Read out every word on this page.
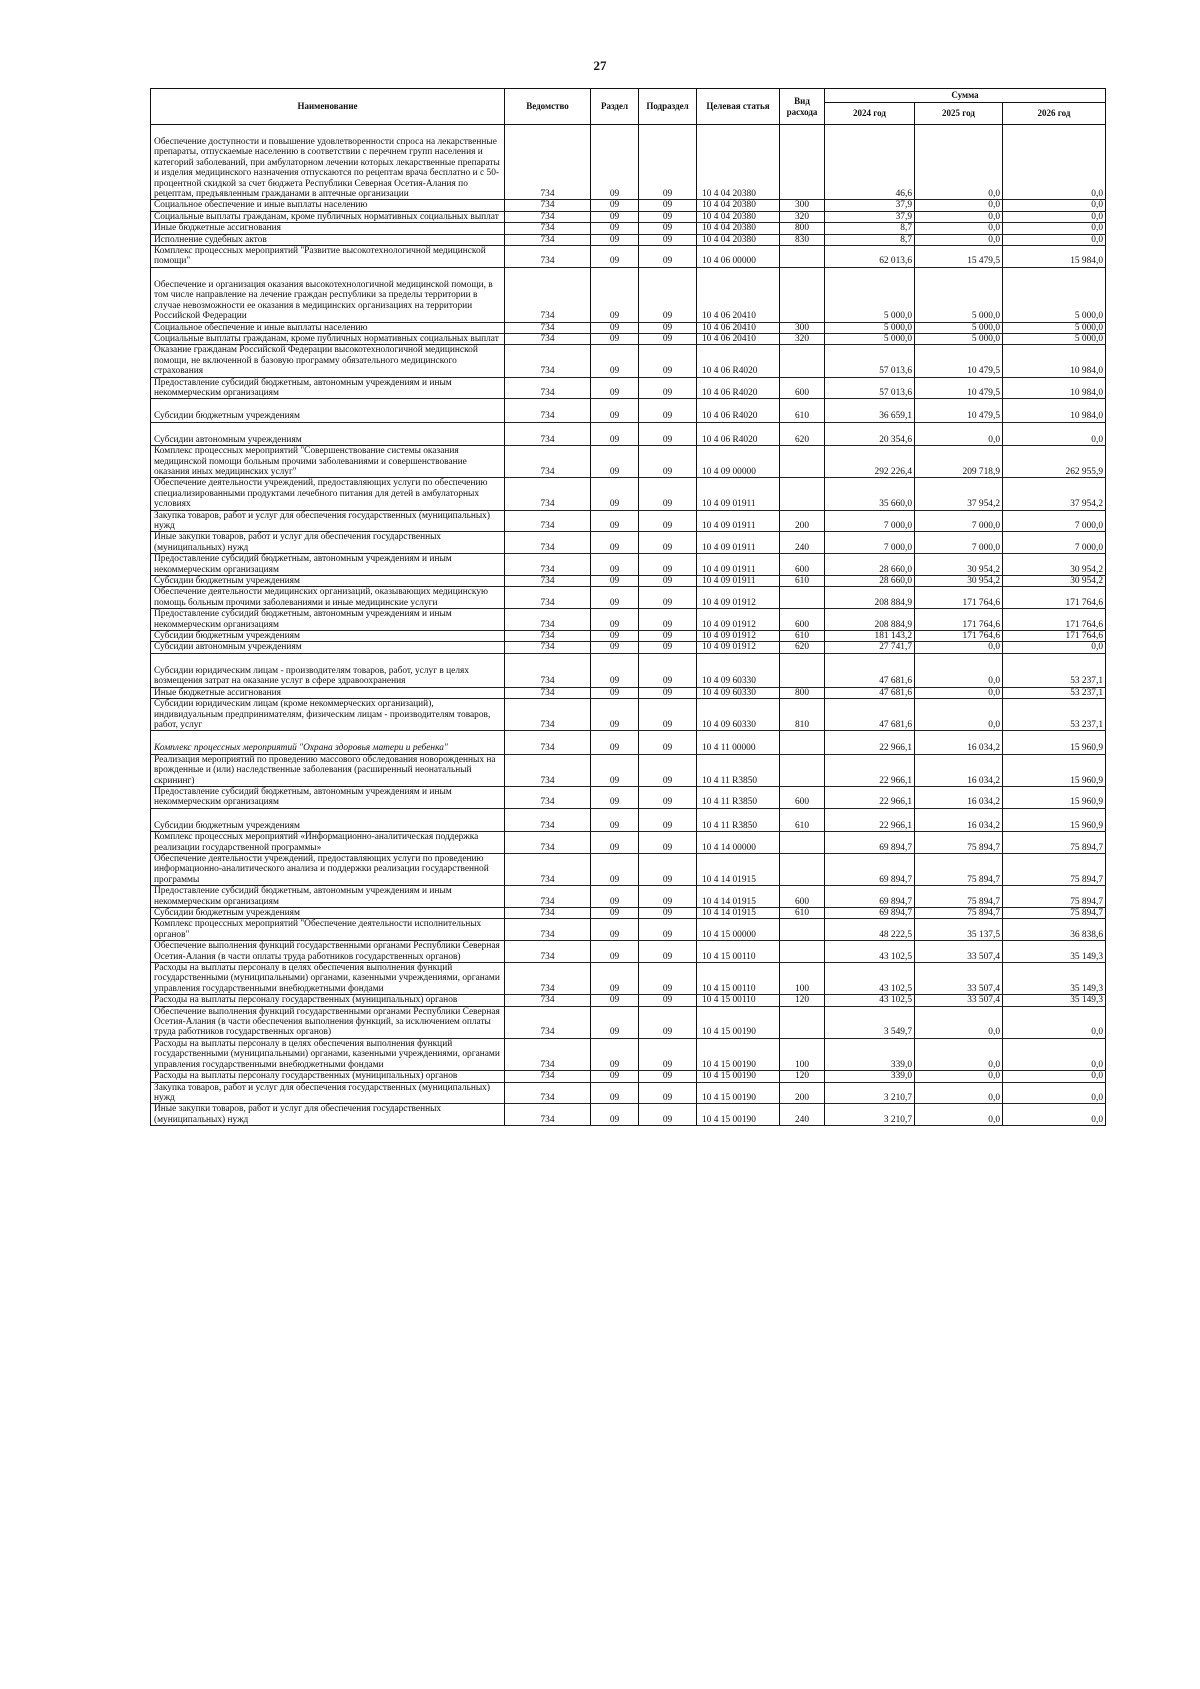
27
Наименование	Ведомство	Раздел	Подраздел	Целевая статья	Вид расхода	Сумма		
						2024 год	2025 год	2026 год

Обеспечение доступности и повышение удовлетворенности спроса на лекарственные препараты, отпускаемые населению в соответствии с перечнем групп населения и категорий заболеваний, при амбулаторном лечении которых лекарственные препараты и изделия медицинского назначения отпускаются по рецептам врача бесплатно и с 50-процентной скидкой за счет бюджета Республики Северная Осетия-Алания по рецептам, предъявленным гражданами в аптечные организации	734	09	09	10 4 04 20380		46,6	0,0	0,0
Социальное обеспечение и иные выплаты населению	734	09	09	10 4 04 20380	300	37,9	0,0	0,0
Социальные выплаты гражданам, кроме публичных нормативных социальных выплат	734	09	09	10 4 04 20380	320	37,9	0,0	0,0
Иные бюджетные ассигнования	734	09	09	10 4 04 20380	800	8,7	0,0	0,0
Исполнение судебных актов	734	09	09	10 4 04 20380	830	8,7	0,0	0,0
Комплекс процессных мероприятий "Развитие высокотехнологичной медицинской помощи"	734	09	09	10 4 06 00000		62 013,6	15 479,5	15 984,0
Обеспечение и организация оказания высокотехнологичной медицинской помощи, в том числе направление на лечение граждан республики за пределы территории в случае невозможности ее оказания в медицинских организациях на территории Российской Федерации	734	09	09	10 4 06 20410		5 000,0	5 000,0	5 000,0
Социальное обеспечение и иные выплаты населению	734	09	09	10 4 06 20410	300	5 000,0	5 000,0	5 000,0
Социальные выплаты гражданам, кроме публичных нормативных социальных выплат	734	09	09	10 4 06 20410	320	5 000,0	5 000,0	5 000,0
Оказание гражданам Российской Федерации высокотехнологичной медицинской помощи, не включенной в базовую программу обязательного медицинского страхования	734	09	09	10 4 06 R4020		57 013,6	10 479,5	10 984,0
Предоставление субсидий бюджетным, автономным учреждениям и иным некоммерческим организациям	734	09	09	10 4 06 R4020	600	57 013,6	10 479,5	10 984,0
Субсидии бюджетным учреждениям	734	09	09	10 4 06 R4020	610	36 659,1	10 479,5	10 984,0
Субсидии автономным учреждениям	734	09	09	10 4 06 R4020	620	20 354,6	0,0	0,0
Комплекс процессных мероприятий "Совершенствование системы оказания медицинской помощи больным прочими заболеваниями и совершенствование оказания иных медицинских услуг"	734	09	09	10 4 09 00000		292 226,4	209 718,9	262 955,9
Обеспечение деятельности учреждений, предоставляющих услуги по обеспечению специализированными продуктами лечебного питания для детей в амбулаторных условиях	734	09	09	10 4 09 01911		35 660,0	37 954,2	37 954,2
Закупка товаров, работ и услуг для обеспечения государственных (муниципальных) нужд	734	09	09	10 4 09 01911	200	7 000,0	7 000,0	7 000,0
Иные закупки товаров, работ и услуг для обеспечения государственных (муниципальных) нужд	734	09	09	10 4 09 01911	240	7 000,0	7 000,0	7 000,0
Предоставление субсидий бюджетным, автономным учреждениям и иным некоммерческим организациям	734	09	09	10 4 09 01911	600	28 660,0	30 954,2	30 954,2
Субсидии бюджетным учреждениям	734	09	09	10 4 09 01911	610	28 660,0	30 954,2	30 954,2
Обеспечение деятельности медицинских организаций, оказывающих медицинскую помощь больным прочими заболеваниями и иные медицинские услуги	734	09	09	10 4 09 01912		208 884,9	171 764,6	171 764,6
Предоставление субсидий бюджетным, автономным учреждениям и иным некоммерческим организациям	734	09	09	10 4 09 01912	600	208 884,9	171 764,6	171 764,6
Субсидии бюджетным учреждениям	734	09	09	10 4 09 01912	610	181 143,2	171 764,6	171 764,6
Субсидии автономным учреждениям	734	09	09	10 4 09 01912	620	27 741,7	0,0	0,0
Субсидии юридическим лицам - производителям товаров, работ, услуг в целях возмещения затрат на оказание услуг в сфере здравоохранения	734	09	09	10 4 09 60330		47 681,6	0,0	53 237,1
Иные бюджетные ассигнования	734	09	09	10 4 09 60330	800	47 681,6	0,0	53 237,1
Субсидии юридическим лицам (кроме некоммерческих организаций), индивидуальным предпринимателям, физическим лицам - производителям товаров, работ, услуг	734	09	09	10 4 09 60330	810	47 681,6	0,0	53 237,1
Комплекс процессных мероприятий "Охрана здоровья матери и ребенка"	734	09	09	10 4 11 00000		22 966,1	16 034,2	15 960,9
Реализация мероприятий по проведению массового обследования новорожденных на врожденные и (или) наследственные заболевания (расширенный неонатальный скрининг)	734	09	09	10 4 11 R3850		22 966,1	16 034,2	15 960,9
Предоставление субсидий бюджетным, автономным учреждениям и иным некоммерческим организациям	734	09	09	10 4 11 R3850	600	22 966,1	16 034,2	15 960,9
Субсидии бюджетным учреждениям	734	09	09	10 4 11 R3850	610	22 966,1	16 034,2	15 960,9
Комплекс процессных мероприятий «Информационно-аналитическая поддержка реализации государственной программы»	734	09	09	10 4 14 00000		69 894,7	75 894,7	75 894,7
Обеспечение деятельности учреждений, предоставляющих услуги по проведению информационно-аналитического анализа и поддержки реализации государственной программы	734	09	09	10 4 14 01915		69 894,7	75 894,7	75 894,7
Предоставление субсидий бюджетным, автономным учреждениям и иным некоммерческим организациям	734	09	09	10 4 14 01915	600	69 894,7	75 894,7	75 894,7
Субсидии бюджетным учреждениям	734	09	09	10 4 14 01915	610	69 894,7	75 894,7	75 894,7
Комплекс процессных мероприятий "Обеспечение деятельности исполнительных органов"	734	09	09	10 4 15 00000		48 222,5	35 137,5	36 838,6
Обеспечение выполнения функций государственными органами Республики Северная Осетия-Алания (в части оплаты труда работников государственных органов)	734	09	09	10 4 15 00110		43 102,5	33 507,4	35 149,3
Расходы на выплаты персоналу в целях обеспечения выполнения функций государственными (муниципальными) органами, казенными учреждениями, органами управления государственными внебюджетными фондами	734	09	09	10 4 15 00110	100	43 102,5	33 507,4	35 149,3
Расходы на выплаты персоналу государственных (муниципальных) органов	734	09	09	10 4 15 00110	120	43 102,5	33 507,4	35 149,3
Обеспечение выполнения функций государственными органами Республики Северная Осетия-Алания (в части обеспечения выполнения функций, за исключением оплаты труда работников государственных органов)	734	09	09	10 4 15 00190		3 549,7	0,0	0,0
Расходы на выплаты персоналу в целях обеспечения выполнения функций государственными (муниципальными) органами, казенными учреждениями, органами управления государственными внебюджетными фондами	734	09	09	10 4 15 00190	100	339,0	0,0	0,0
Расходы на выплаты персоналу государственных (муниципальных) органов	734	09	09	10 4 15 00190	120	339,0	0,0	0,0
Закупка товаров, работ и услуг для обеспечения государственных (муниципальных) нужд	734	09	09	10 4 15 00190	200	3 210,7	0,0	0,0
Иные закупки товаров, работ и услуг для обеспечения государственных (муниципальных) нужд	734	09	09	10 4 15 00190	240	3 210,7	0,0	0,0
